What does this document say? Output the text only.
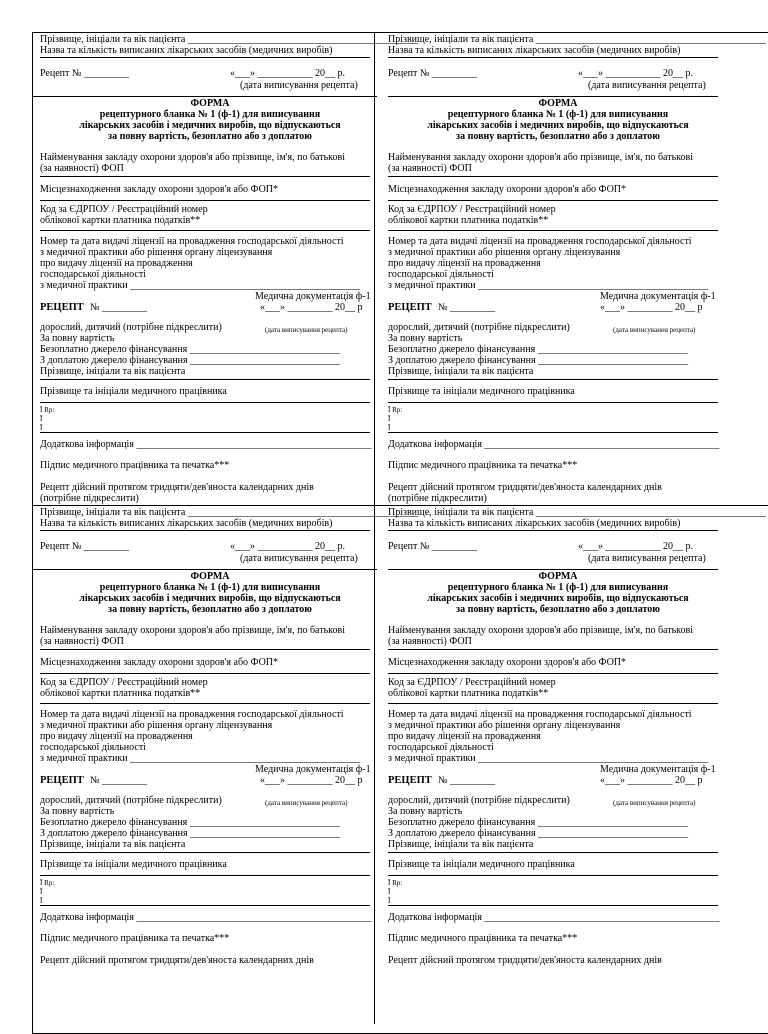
Прізвище, ініціали та вік пацієнта ______________________________________________
Назва та кількість виписаних лікарських засобів (медичних виробів)
Рецепт № _________	«___» ___________ 20__ р.
(дата виписування рецепта)
ФОРМА
рецептурного бланка № 1 (ф-1) для виписування
лікарських засобів і медичних виробів, що відпускаються
за повну вартість, безоплатно або з доплатою
Найменування закладу охорони здоров'я або прізвище, ім'я, по батькові
(за наявності) ФОП
Місцезнаходження закладу охорони здоров'я або ФОП*
Код за ЄДРПОУ / Реєстраційний номер
облікової картки платника податків**
Номер та дата видачі ліцензії на провадження господарської діяльності
з медичної практики або рішення органу ліцензування
про видачу ліцензії на провадження
господарської діяльності
з медичної практики ______________________________________________
Медична документація ф-1
РЕЦЕПТ № _________	«___» _________ 20__ р
дорослий, дитячий (потрібне підкреслити)	(дата виписування рецепта)
За повну вартість
Безоплатно джерело фінансування ______________________________
З доплатою джерело фінансування ______________________________
Прізвище, ініціали та вік пацієнта
Прізвище та ініціали медичного працівника
Ī Rp:
Ī
Ī
Додаткова інформація _______________________________________________
Підпис медичного працівника та печатка***
Рецепт дійсний протягом тридцяти/дев'яноста календарних днів
(потрібне підкреслити)
Прізвище, ініціали та вік пацієнта ______________________________________________
Назва та кількість виписаних лікарських засобів (медичних виробів)
Рецепт № _________	«___» ___________ 20__ р.
(дата виписування рецепта)
ФОРМА
рецептурного бланка № 1 (ф-1) для виписування
лікарських засобів і медичних виробів, що відпускаються
за повну вартість, безоплатно або з доплатою
Найменування закладу охорони здоров'я або прізвище, ім'я, по батькові
(за наявності) ФОП
Місцезнаходження закладу охорони здоров'я або ФОП*
Код за ЄДРПОУ / Реєстраційний номер
облікової картки платника податків**
Номер та дата видачі ліцензії на провадження господарської діяльності
з медичної практики або рішення органу ліцензування
про видачу ліцензії на провадження
господарської діяльності
з медичної практики ______________________________________________
Медична документація ф-1
РЕЦЕПТ № _________	«___» _________ 20__ р
дорослий, дитячий (потрібне підкреслити)	(дата виписування рецепта)
За повну вартість
Безоплатно джерело фінансування ______________________________
З доплатою джерело фінансування ______________________________
Прізвище, ініціали та вік пацієнта
Прізвище та ініціали медичного працівника
Ī Rp:
Ī
Ī
Додаткова інформація _______________________________________________
Підпис медичного працівника та печатка***
Рецепт дійсний протягом тридцяти/дев'яноста календарних днів
(потрібне підкреслити)
Прізвище, ініціали та вік пацієнта ______________________________________________
Назва та кількість виписаних лікарських засобів (медичних виробів)
Рецепт № _________	«___» ___________ 20__ р.
(дата виписування рецепта)
ФОРМА
рецептурного бланка № 1 (ф-1) для виписування
лікарських засобів і медичних виробів, що відпускаються
за повну вартість, безоплатно або з доплатою
Найменування закладу охорони здоров'я або прізвище, ім'я, по батькові
(за наявності) ФОП
Місцезнаходження закладу охорони здоров'я або ФОП*
Код за ЄДРПОУ / Реєстраційний номер
облікової картки платника податків**
Номер та дата видачі ліцензії на провадження господарської діяльності
з медичної практики або рішення органу ліцензування
про видачу ліцензії на провадження
господарської діяльності
з медичної практики ______________________________________________
Медична документація ф-1
РЕЦЕПТ № _________	«___» _________ 20__ р
дорослий, дитячий (потрібне підкреслити)	(дата виписування рецепта)
За повну вартість
Безоплатно джерело фінансування ______________________________
З доплатою джерело фінансування ______________________________
Прізвище, ініціали та вік пацієнта
Прізвище та ініціали медичного працівника
Ī Rp:
Ī
Ī
Додаткова інформація _______________________________________________
Підпис медичного працівника та печатка***
Рецепт дійсний протягом тридцяти/дев'яноста календарних днів
Прізвище, ініціали та вік пацієнта ______________________________________________
Назва та кількість виписаних лікарських засобів (медичних виробів)
Рецепт № _________	«___» ___________ 20__ р.
(дата виписування рецепта)
ФОРМА
рецептурного бланка № 1 (ф-1) для виписування
лікарських засобів і медичних виробів, що відпускаються
за повну вартість, безоплатно або з доплатою
Найменування закладу охорони здоров'я або прізвище, ім'я, по батькові
(за наявності) ФОП
Місцезнаходження закладу охорони здоров'я або ФОП*
Код за ЄДРПОУ / Реєстраційний номер
облікової картки платника податків**
Номер та дата видачі ліцензії на провадження господарської діяльності
з медичної практики або рішення органу ліцензування
про видачу ліцензії на провадження
господарської діяльності
з медичної практики ______________________________________________
Медична документація ф-1
РЕЦЕПТ № _________	«___» _________ 20__ р
дорослий, дитячий (потрібне підкреслити)	(дата виписування рецепта)
За повну вартість
Безоплатно джерело фінансування ______________________________
З доплатою джерело фінансування ______________________________
Прізвище, ініціали та вік пацієнта
Прізвище та ініціали медичного працівника
Ī Rp:
Ī
Ī
Додаткова інформація _______________________________________________
Підпис медичного працівника та печатка***
Рецепт дійсний протягом тридцяти/дев'яноста календарних днів
